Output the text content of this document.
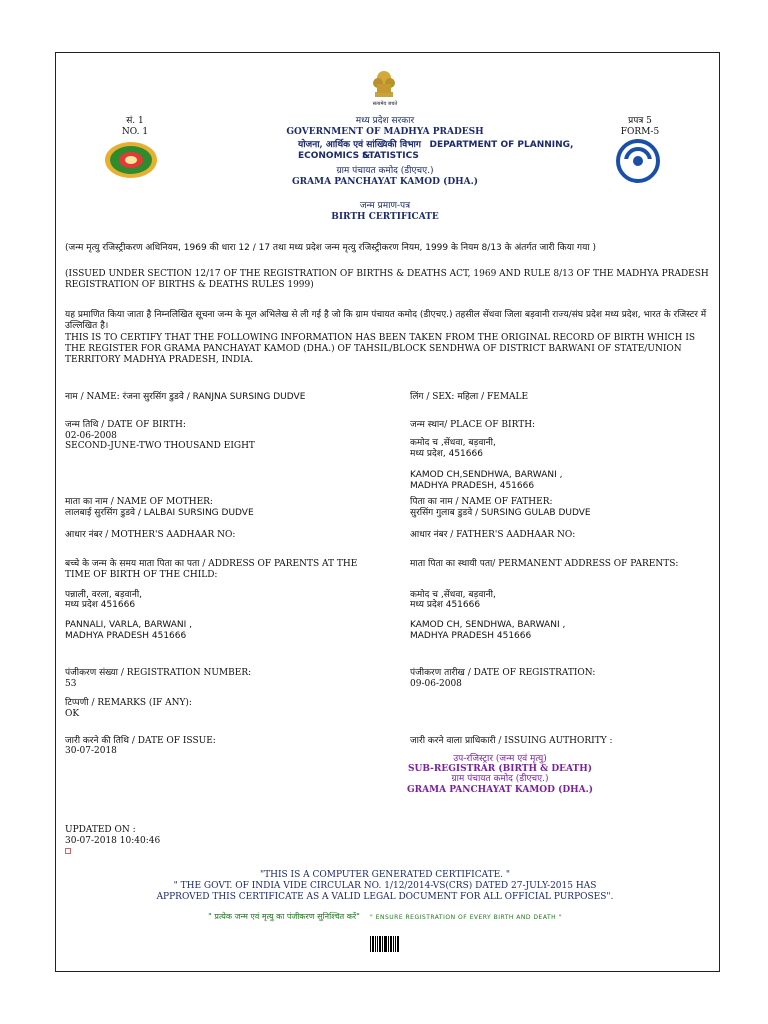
सत्यमेव जयते
सं. 1
NO. 1
मध्य प्रदेश सरकार
GOVERNMENT OF MADHYA PRADESH
योजना, आर्थिक एवं सांख्यिकी विभाग DEPARTMENT OF PLANNING, ECONOMICS &
STATISTICS
ग्राम पंचायत कमोद (डीएचए.)
GRAMA PANCHAYAT KAMOD (DHA.)
जन्म प्रमाण-पत्र
BIRTH CERTIFICATE
प्रपत्र 5
FORM-5
(जन्म मृत्यु रजिस्ट्रीकरण अधिनियम, 1969 की धारा 12 / 17 तथा मध्य प्रदेश जन्म मृत्यु रजिस्ट्रीकरण नियम, 1999 के नियम 8/13 के अंतर्गत जारी किया गया )
(ISSUED UNDER SECTION 12/17 OF THE REGISTRATION OF BIRTHS & DEATHS ACT, 1969 AND RULE 8/13 OF THE MADHYA PRADESH
REGISTRATION OF BIRTHS & DEATHS RULES 1999)
यह प्रमाणित किया जाता है निम्नलिखित सूचना जन्म के मूल अभिलेख से ली गई है जो कि ग्राम पंचायत कमोद (डीएचए.) तहसील सेंधवा जिला बड़वानी राज्य/संघ प्रदेश मध्य प्रदेश, भारत के रजिस्टर में उल्लिखित है।
THIS IS TO CERTIFY THAT THE FOLLOWING INFORMATION HAS BEEN TAKEN FROM THE ORIGINAL RECORD OF BIRTH WHICH IS THE REGISTER FOR GRAMA PANCHAYAT KAMOD (DHA.) OF TAHSIL/BLOCK SENDHWA OF DISTRICT BARWANI OF STATE/UNION TERRITORY MADHYA PRADESH, INDIA.
नाम / NAME: रंजना सुरसिंग डुडवे / RANJNA SURSING DUDVE	लिंग / SEX: महिला / FEMALE
जन्म तिथि / DATE OF BIRTH:
02-06-2008
SECOND-JUNE-TWO THOUSAND EIGHT
जन्म स्थान/ PLACE OF BIRTH:
कमोद च ,सेंधवा, बड़वानी,
मध्य प्रदेश, 451666
KAMOD CH,SENDHWA, BARWANI ,
MADHYA PRADESH, 451666
माता का नाम / NAME OF MOTHER:
लालबाई सुरसिंग डुडवे / LALBAI SURSING DUDVE
पिता का नाम / NAME OF FATHER:
सुरसिंग गुलाब डुडवे / SURSING GULAB DUDVE
आधार नंबर / MOTHER'S AADHAAR NO:	आधार नंबर / FATHER'S AADHAAR NO:
बच्चे के जन्म के समय माता पिता का पता / ADDRESS OF PARENTS AT THE
TIME OF BIRTH OF THE CHILD:
पन्नाली, वरला, बड़वानी,
मध्य प्रदेश 451666
PANNALI, VARLA, BARWANI ,
MADHYA PRADESH 451666
माता पिता का स्थायी पता/ PERMANENT ADDRESS OF PARENTS:
कमोद च ,सेंधवा, बड़वानी,
मध्य प्रदेश 451666
KAMOD CH, SENDHWA, BARWANI ,
MADHYA PRADESH 451666
पंजीकरण संख्या / REGISTRATION NUMBER:
53
पंजीकरण तारीख / DATE OF REGISTRATION:
09-06-2008
टिप्पणी / REMARKS (IF ANY):
OK
जारी करने की तिथि / DATE OF ISSUE:
30-07-2018
जारी करने वाला प्राधिकारी / ISSUING AUTHORITY :
उप-रजिस्ट्रार (जन्म एवं मृत्यु)
SUB-REGISTRAR (BIRTH & DEATH)
ग्राम पंचायत कमोद (डीएचए.)
GRAMA PANCHAYAT KAMOD (DHA.)
UPDATED ON :
30-07-2018 10:40:46
"THIS IS A COMPUTER GENERATED CERTIFICATE. "
" THE GOVT. OF INDIA VIDE CIRCULAR NO. 1/12/2014-VS(CRS) DATED 27-JULY-2015 HAS
APPROVED THIS CERTIFICATE AS A VALID LEGAL DOCUMENT FOR ALL OFFICIAL PURPOSES".
" प्रत्येक जन्म एवं मृत्यु का पंजीकरण सुनिश्चित करें" " ENSURE REGISTRATION OF EVERY BIRTH AND DEATH "
